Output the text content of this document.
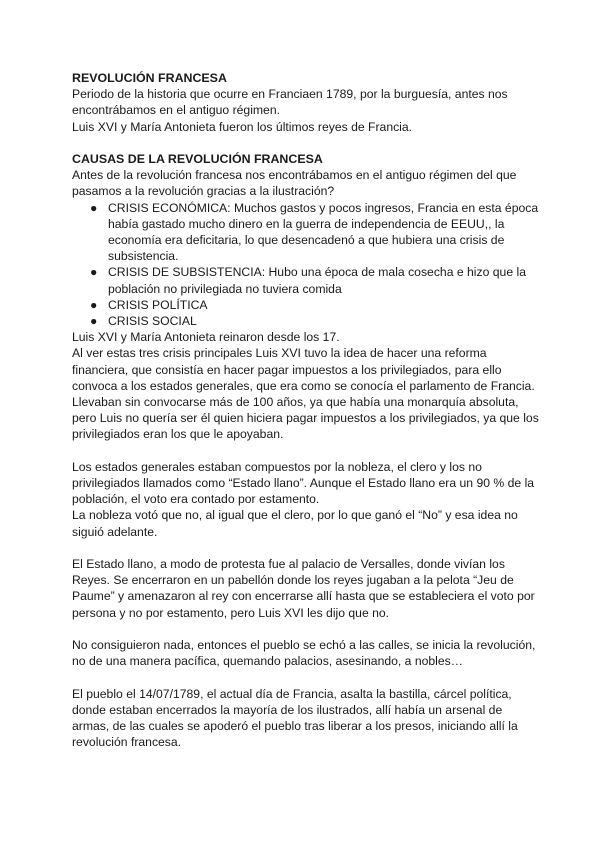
REVOLUCIÓN FRANCESA

Periodo de la historia que ocurre en Franciaen 1789, por la burguesía, antes nos encontrábamos en el antiguo régimen.

Luis XVI y María Antonieta fueron los últimos reyes de Francia.

CAUSAS DE LA REVOLUCIÓN FRANCESA

Antes de la revolución francesa nos encontrábamos en el antiguo régimen del que pasamos a la revolución gracias a la ilustración?

● CRISIS ECONÓMICA: Muchos gastos y pocos ingresos, Francia en esta época había gastado mucho dinero en la guerra de independencia de EEUU,, la economía era deficitaria, lo que desencadenó a que hubiera una crisis de subsistencia.
● CRISIS DE SUBSISTENCIA: Hubo una época de mala cosecha e hizo que la población no privilegiada no tuviera comida
● CRISIS POLÍTICA
● CRISIS SOCIAL

Luis XVI y María Antonieta reinaron desde los 17.

Al ver estas tres crisis principales Luis XVI tuvo la idea de hacer una reforma financiera, que consistía en hacer pagar impuestos a los privilegiados, para ello convoca a los estados generales, que era como se conocía el parlamento de Francia. Llevaban sin convocarse más de 100 años, ya que había una monarquía absoluta, pero Luis no quería ser él quien hiciera pagar impuestos a los privilegiados, ya que los privilegiados eran los que le apoyaban.

Los estados generales estaban compuestos por la nobleza, el clero y los no privilegiados llamados como “Estado llano”. Aunque el Estado llano era un 90 % de la población, el voto era contado por estamento.

La nobleza votó que no, al igual que el clero, por lo que ganó el “No” y esa idea no siguió adelante.

El Estado llano, a modo de protesta fue al palacio de Versalles, donde vivían los Reyes. Se encerraron en un pabellón donde los reyes jugaban a la pelota “Jeu de Paume” y amenazaron al rey con encerrarse allí hasta que se estableciera el voto por persona y no por estamento, pero Luis XVI les dijo que no.

No consiguieron nada, entonces el pueblo se echó a las calles, se inicia la revolución, no de una manera pacífica, quemando palacios, asesinando, a nobles…

El pueblo el 14/07/1789, el actual día de Francia, asalta la bastilla, cárcel política, donde estaban encerrados la mayoría de los ilustrados, allí había un arsenal de armas, de las cuales se apoderó el pueblo tras liberar a los presos, iniciando allí la revolución francesa.
